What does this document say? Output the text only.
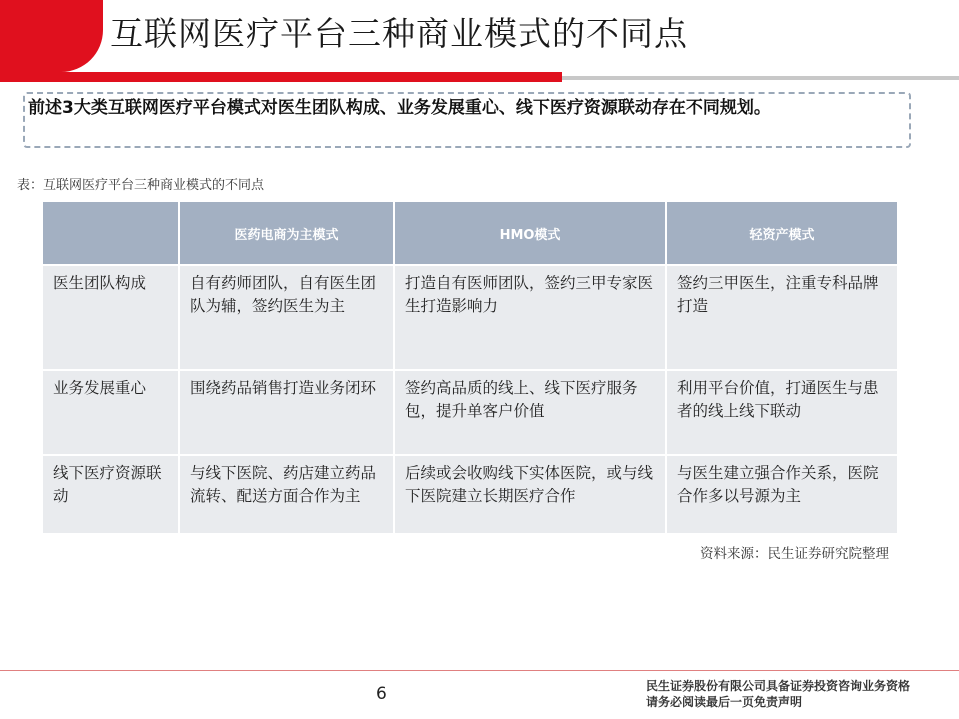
互联网医疗平台三种商业模式的不同点
前述3大类互联网医疗平台模式对医生团队构成、业务发展重心、线下医疗资源联动存在不同规划。
表：互联网医疗平台三种商业模式的不同点
	医药电商为主模式	HMO模式	轻资产模式
医生团队构成	自有药师团队，自有医生团队为辅，签约医生为主	打造自有医师团队，签约三甲专家医生打造影响力	签约三甲医生，注重专科品牌打造
业务发展重心	围绕药品销售打造业务闭环	签约高品质的线上、线下医疗服务包，提升单客户价值	利用平台价值，打通医生与患者的线上线下联动
线下医疗资源联动	与线下医院、药店建立药品流转、配送方面合作为主	后续或会收购线下实体医院，或与线下医院建立长期医疗合作	与医生建立强合作关系，医院合作多以号源为主
资料来源：民生证券研究院整理
6	民生证券股份有限公司具备证券投资咨询业务资格
请务必阅读最后一页免责声明
